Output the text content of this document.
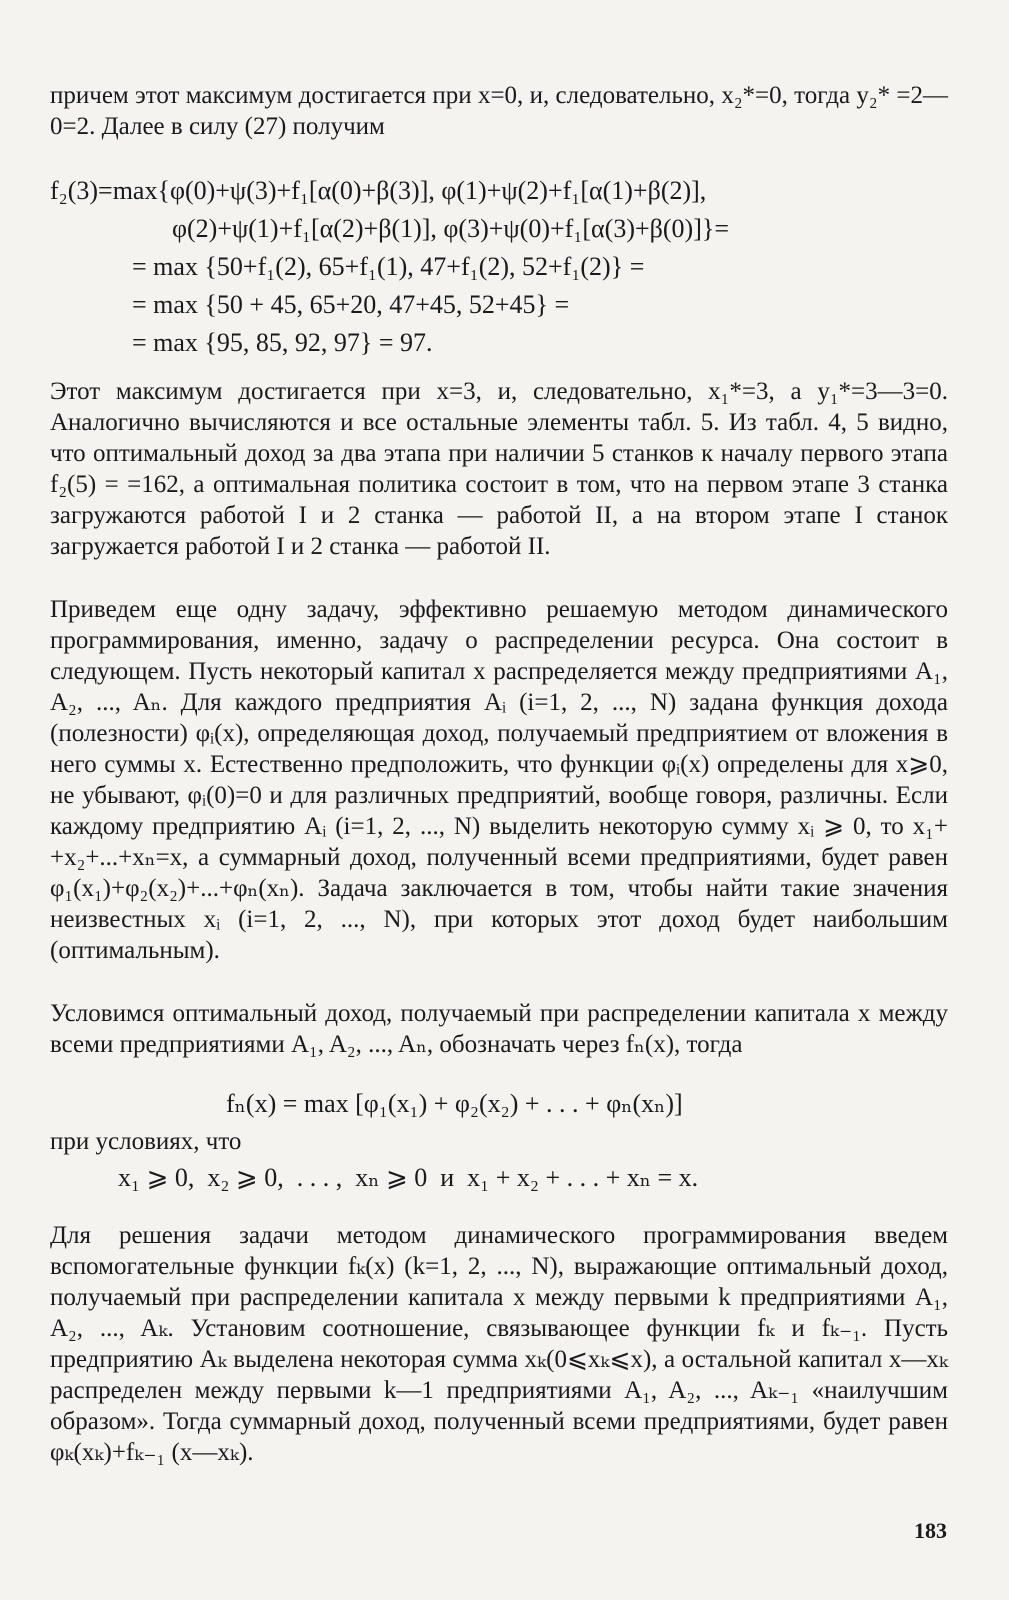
причем этот максимум достигается при x=0, и, следовательно, x₂*=0, тогда y₂* =2—0=2. Далее в силу (27) получим
f₂(3)=max{φ(0)+ψ(3)+f₁[α(0)+β(3)], φ(1)+ψ(2)+f₁[α(1)+β(2)],
φ(2)+ψ(1)+f₁[α(2)+β(1)], φ(3)+ψ(0)+f₁[α(3)+β(0)]}=
= max {50+f₁(2), 65+f₁(1), 47+f₁(2), 52+f₁(2)} =
= max {50 + 45, 65+20, 47+45, 52+45} =
= max {95, 85, 92, 97} = 97.
Этот максимум достигается при x=3, и, следовательно, x₁*=3, а y₁*=3—3=0. Аналогично вычисляются и все остальные элементы табл. 5. Из табл. 4, 5 видно, что оптимальный доход за два этапа при наличии 5 станков к началу первого этапа f₂(5) = =162, а оптимальная политика состоит в том, что на первом этапе 3 станка загружаются работой I и 2 станка — работой II, а на втором этапе I станок загружается работой I и 2 станка — работой II.
Приведем еще одну задачу, эффективно решаемую методом динамического программирования, именно, задачу о распределении ресурса. Она состоит в следующем. Пусть некоторый капитал x распределяется между предприятиями A₁, A₂, ..., Aₙ. Для каждого предприятия Aᵢ (i=1, 2, ..., N) задана функция дохода (полезности) φᵢ(x), определяющая доход, получаемый предприятием от вложения в него суммы x. Естественно предположить, что функции φᵢ(x) определены для x⩾0, не убывают, φᵢ(0)=0 и для различных предприятий, вообще говоря, различны. Если каждому предприятию Aᵢ (i=1, 2, ..., N) выделить некоторую сумму xᵢ ⩾ 0, то x₁+ +x₂+...+xₙ=x, а суммарный доход, полученный всеми предприятиями, будет равен φ₁(x₁)+φ₂(x₂)+...+φₙ(xₙ). Задача заключается в том, чтобы найти такие значения неизвестных xᵢ (i=1, 2, ..., N), при которых этот доход будет наибольшим (оптимальным).
Условимся оптимальный доход, получаемый при распределении капитала x между всеми предприятиями A₁, A₂, ..., Aₙ, обозначать через fₙ(x), тогда
fₙ(x) = max [φ₁(x₁) + φ₂(x₂) + . . . + φₙ(xₙ)]
при условиях, что
x₁ ⩾ 0,  x₂ ⩾ 0,  . . . ,  xₙ ⩾ 0  и  x₁ + x₂ + . . . + xₙ = x.
Для решения задачи методом динамического программирования введем вспомогательные функции fₖ(x) (k=1, 2, ..., N), выражающие оптимальный доход, получаемый при распределении капитала x между первыми k предприятиями A₁, A₂, ..., Aₖ. Установим соотношение, связывающее функции fₖ и fₖ₋₁. Пусть предприятию Aₖ выделена некоторая сумма xₖ(0⩽xₖ⩽x), а остальной капитал x—xₖ распределен между первыми k—1 предприятиями A₁, A₂, ..., Aₖ₋₁ «наилучшим образом». Тогда суммарный доход, полученный всеми предприятиями, будет равен φₖ(xₖ)+fₖ₋₁ (x—xₖ).
183
